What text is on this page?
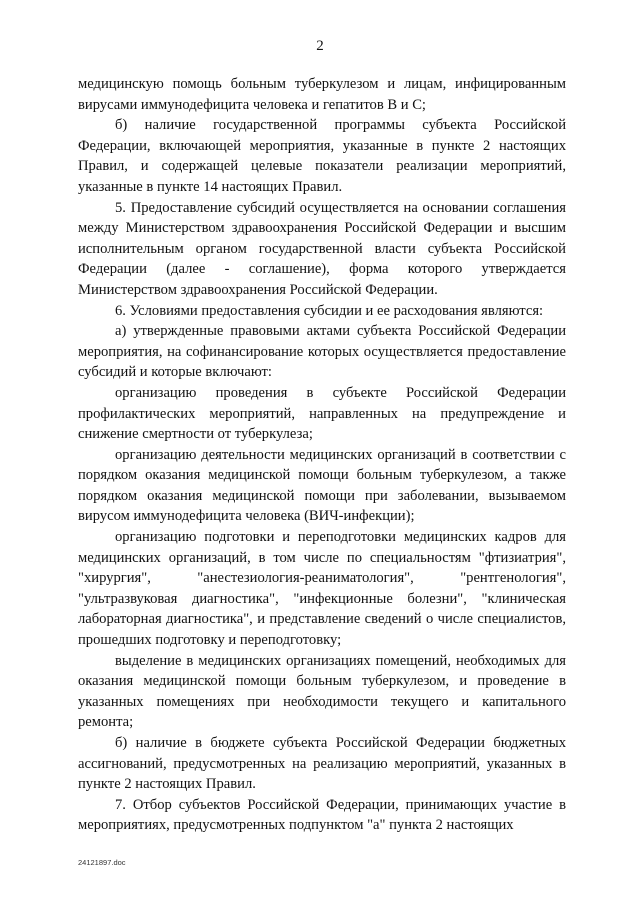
2

медицинскую помощь больным туберкулезом и лицам, инфицированным вирусами иммунодефицита человека и гепатитов В и С;

б) наличие государственной программы субъекта Российской Федерации, включающей мероприятия, указанные в пункте 2 настоящих Правил, и содержащей целевые показатели реализации мероприятий, указанные в пункте 14 настоящих Правил.

5. Предоставление субсидий осуществляется на основании соглашения между Министерством здравоохранения Российской Федерации и высшим исполнительным органом государственной власти субъекта Российской Федерации (далее - соглашение), форма которого утверждается Министерством здравоохранения Российской Федерации.

6. Условиями предоставления субсидии и ее расходования являются:

а) утвержденные правовыми актами субъекта Российской Федерации мероприятия, на софинансирование которых осуществляется предоставление субсидий и которые включают:

организацию проведения в субъекте Российской Федерации профилактических мероприятий, направленных на предупреждение и снижение смертности от туберкулеза;

организацию деятельности медицинских организаций в соответствии с порядком оказания медицинской помощи больным туберкулезом, а также порядком оказания медицинской помощи при заболевании, вызываемом вирусом иммунодефицита человека (ВИЧ-инфекции);

организацию подготовки и переподготовки медицинских кадров для медицинских организаций, в том числе по специальностям "фтизиатрия", "хирургия", "анестезиология-реаниматология", "рентгенология", "ультразвуковая диагностика", "инфекционные болезни", "клиническая лабораторная диагностика", и представление сведений о числе специалистов, прошедших подготовку и переподготовку;

выделение в медицинских организациях помещений, необходимых для оказания медицинской помощи больным туберкулезом, и проведение в указанных помещениях при необходимости текущего и капитального ремонта;

б) наличие в бюджете субъекта Российской Федерации бюджетных ассигнований, предусмотренных на реализацию мероприятий, указанных в пункте 2 настоящих Правил.

7. Отбор субъектов Российской Федерации, принимающих участие в мероприятиях, предусмотренных подпунктом "а" пункта 2 настоящих

24121897.doc
